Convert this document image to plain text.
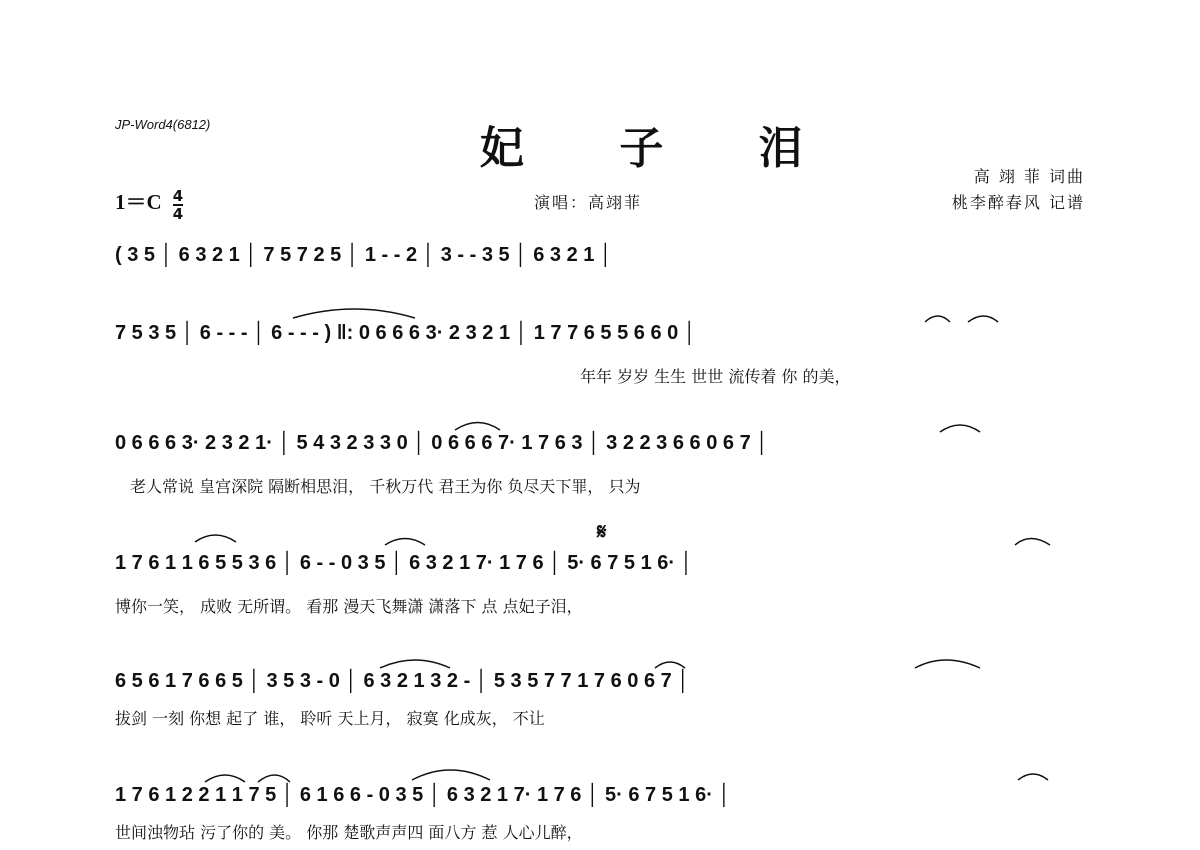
JP-Word4(6812)	妃 子 泪
高 翊 菲 词曲
桃李醉春风 记谱
演唱：高翊菲
$1=C \frac{4}{4}$
( 3 5 │ 6 3 2 1 │ 7 5 7 2 5 │ 1 - - 2 │ 3 - - 3 5 │ 6 3 2 1 │
7 5 3 5 │ 6 - - - │ 6 - - - ) ‖: 0 6 6 6 3· 2 3 2 1 │ 1 7 7 6 5 5 6 6 0 │
年年 岁岁 生生 世世 流传着 你 的美，
0 6 6 6 3· 2 3 2 1· │ 5 4 3 2 3 3 0 │ 0 6 6 6 7· 1 7 6 3 │ 3 2 2 3 6 6 0 6 7 │
老人常说 皇宫深院 隔断相思泪， 千秋万代 君王为你 负尽天下罪， 只为
𝄋
1 7 6 1 1 6 5 5 3 6 │ 6 - - 0 3 5 │ 6 3 2 1 7· 1 7 6 │ 5· 6 7 5 1 6· │
博你一笑， 成败 无所谓。 看那 漫天飞舞潇 潇落下 点 点妃子泪，
6 5 6 1 7 6 6 5 │ 3 5 3 - 0 │ 6 3 2 1 3 2 - │ 5 3 5 7 7 1 7 6 0 6 7 │
拔剑 一刻 你想 起了 谁， 聆听 天上月， 寂寞 化成灰， 不让
1 7 6 1 2 2 1 1 7 5 │ 6 1 6 6 - 0 3 5 │ 6 3 2 1 7· 1 7 6 │ 5· 6 7 5 1 6· │
世间浊物玷 污了你的 美。 你那 楚歌声声四 面八方 惹 人心儿醉，
